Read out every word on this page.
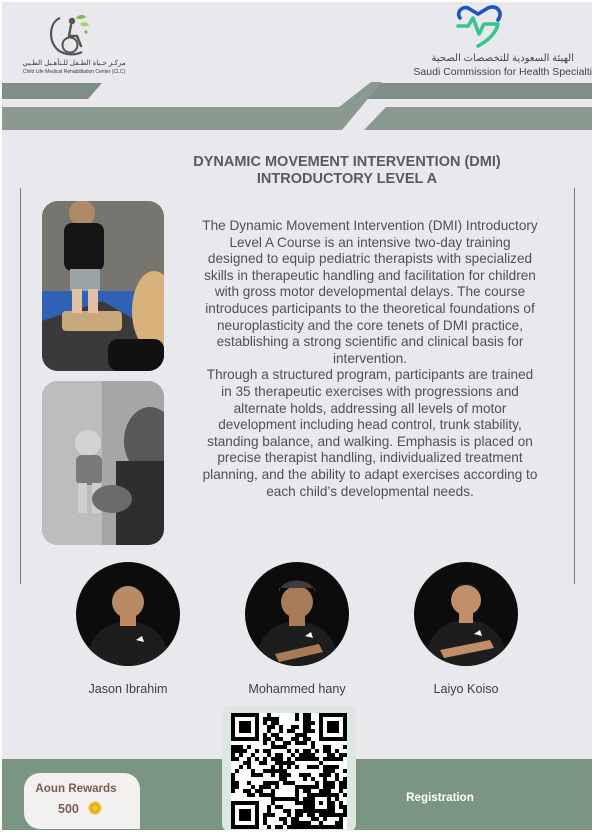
مركـز حـياة الطـفل للـتأهـيل الطـبي
Child Life Medical Rehabilitation Center (CLC)
الهيئة السعودية للتخصصات الصحية
Saudi Commission for Health Specialti
DYNAMIC MOVEMENT INTERVENTION (DMI)
INTRODUCTORY LEVEL A

The Dynamic Movement Intervention (DMI) Introductory Level A Course is an intensive two-day training designed to equip pediatric therapists with specialized skills in therapeutic handling and facilitation for children with gross motor developmental delays. The course introduces participants to the theoretical foundations of neuroplasticity and the core tenets of DMI practice, establishing a strong scientific and clinical basis for intervention.

Through a structured program, participants are trained in 35 therapeutic exercises with progressions and alternate holds, addressing all levels of motor development including head control, trunk stability, standing balance, and walking. Emphasis is placed on precise therapist handling, individualized treatment planning, and the ability to adapt exercises according to each child’s developmental needs.

Jason Ibrahim	Mohammed hany	Laiyo Koiso
Aoun Rewards
500
Registration
